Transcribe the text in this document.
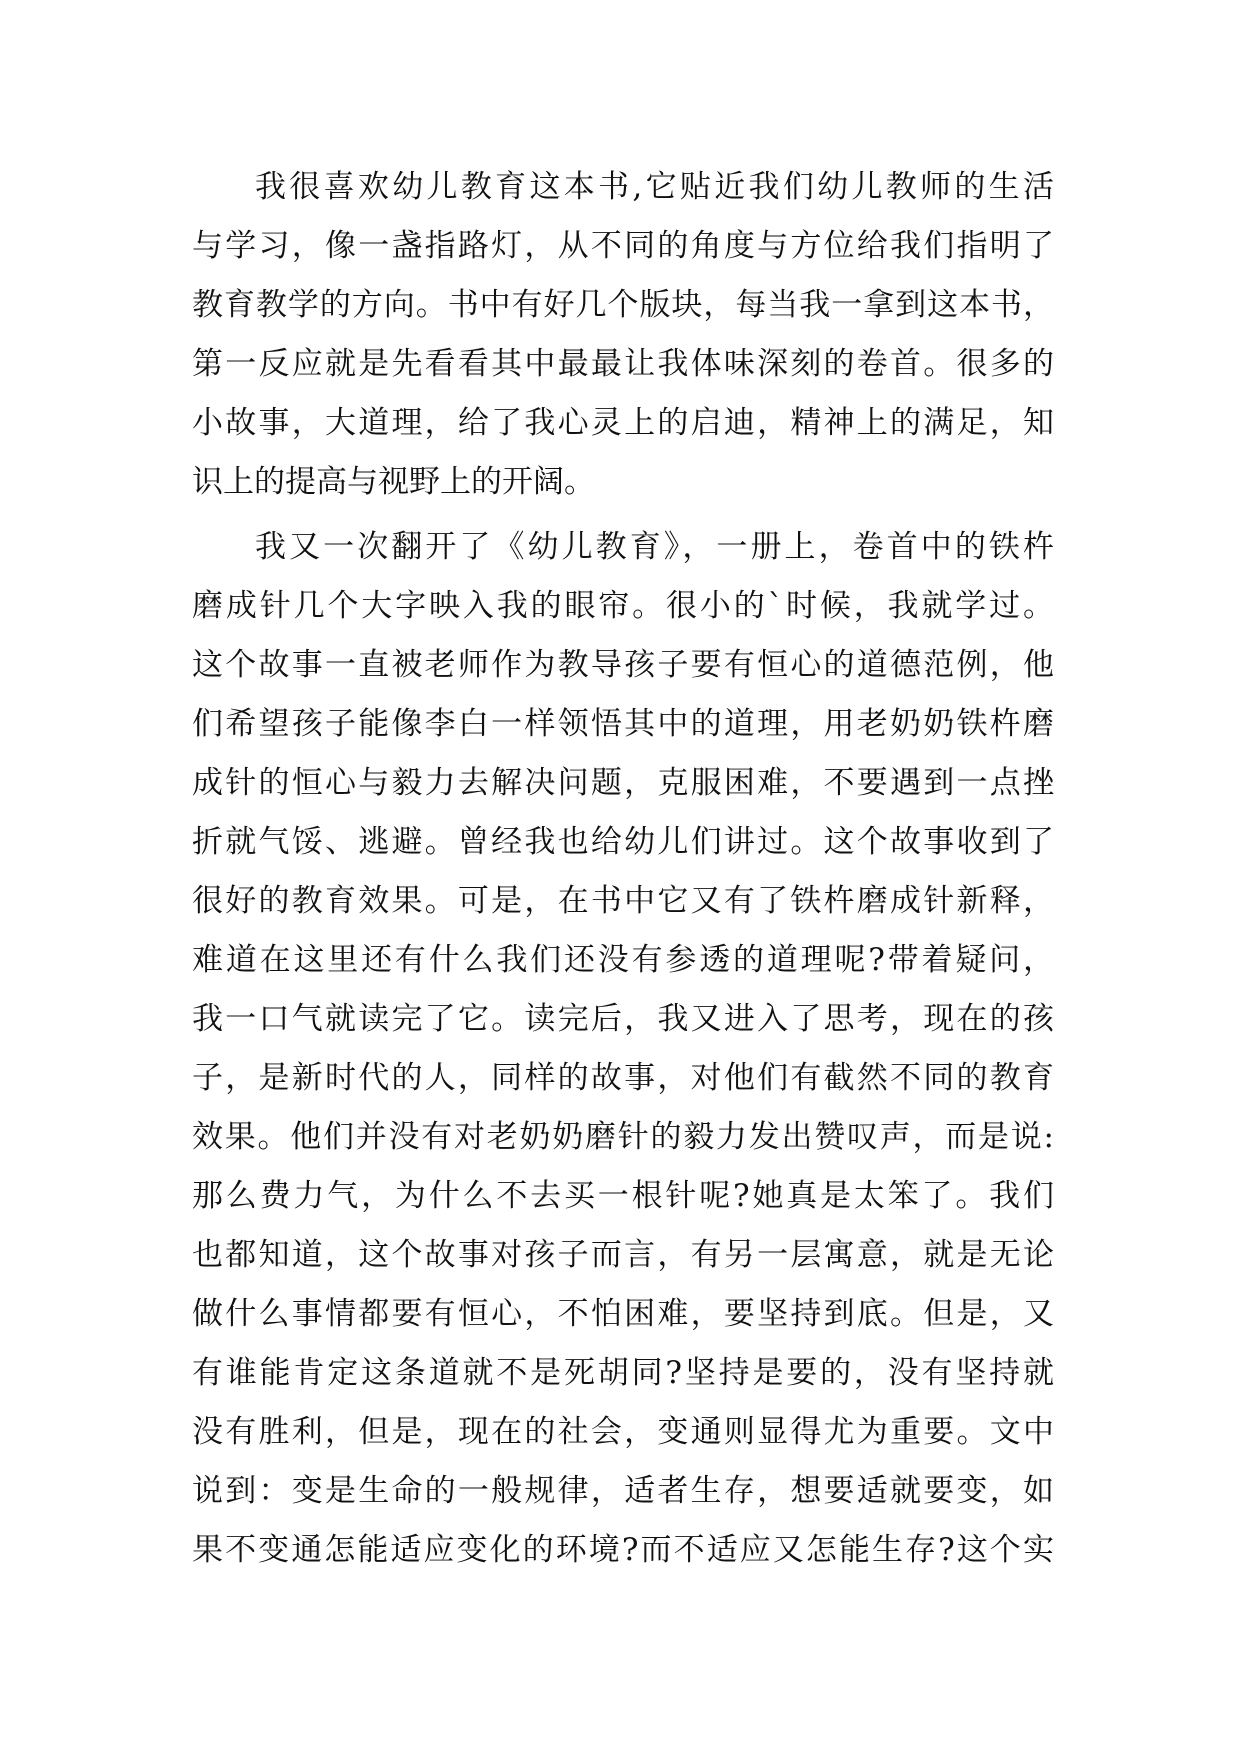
我很喜欢幼儿教育这本书,它贴近我们幼儿教师的生活
与学习，像一盏指路灯，从不同的角度与方位给我们指明了
教育教学的方向。书中有好几个版块，每当我一拿到这本书，
第一反应就是先看看其中最最让我体味深刻的卷首。很多的
小故事，大道理，给了我心灵上的启迪，精神上的满足，知
识上的提高与视野上的开阔。
我又一次翻开了《幼儿教育》，一册上，卷首中的铁杵
磨成针几个大字映入我的眼帘。很小的`时候，我就学过。
这个故事一直被老师作为教导孩子要有恒心的道德范例，他
们希望孩子能像李白一样领悟其中的道理，用老奶奶铁杵磨
成针的恒心与毅力去解决问题，克服困难，不要遇到一点挫
折就气馁、逃避。曾经我也给幼儿们讲过。这个故事收到了
很好的教育效果。可是，在书中它又有了铁杵磨成针新释，
难道在这里还有什么我们还没有参透的道理呢?带着疑问，
我一口气就读完了它。读完后，我又进入了思考，现在的孩
子，是新时代的人，同样的故事，对他们有截然不同的教育
效果。他们并没有对老奶奶磨针的毅力发出赞叹声，而是说:
那么费力气，为什么不去买一根针呢?她真是太笨了。我们
也都知道，这个故事对孩子而言，有另一层寓意，就是无论
做什么事情都要有恒心，不怕困难，要坚持到底。但是，又
有谁能肯定这条道就不是死胡同?坚持是要的，没有坚持就
没有胜利，但是，现在的社会，变通则显得尤为重要。文中
说到：变是生命的一般规律，适者生存，想要适就要变，如
果不变通怎能适应变化的环境?而不适应又怎能生存?这个实
